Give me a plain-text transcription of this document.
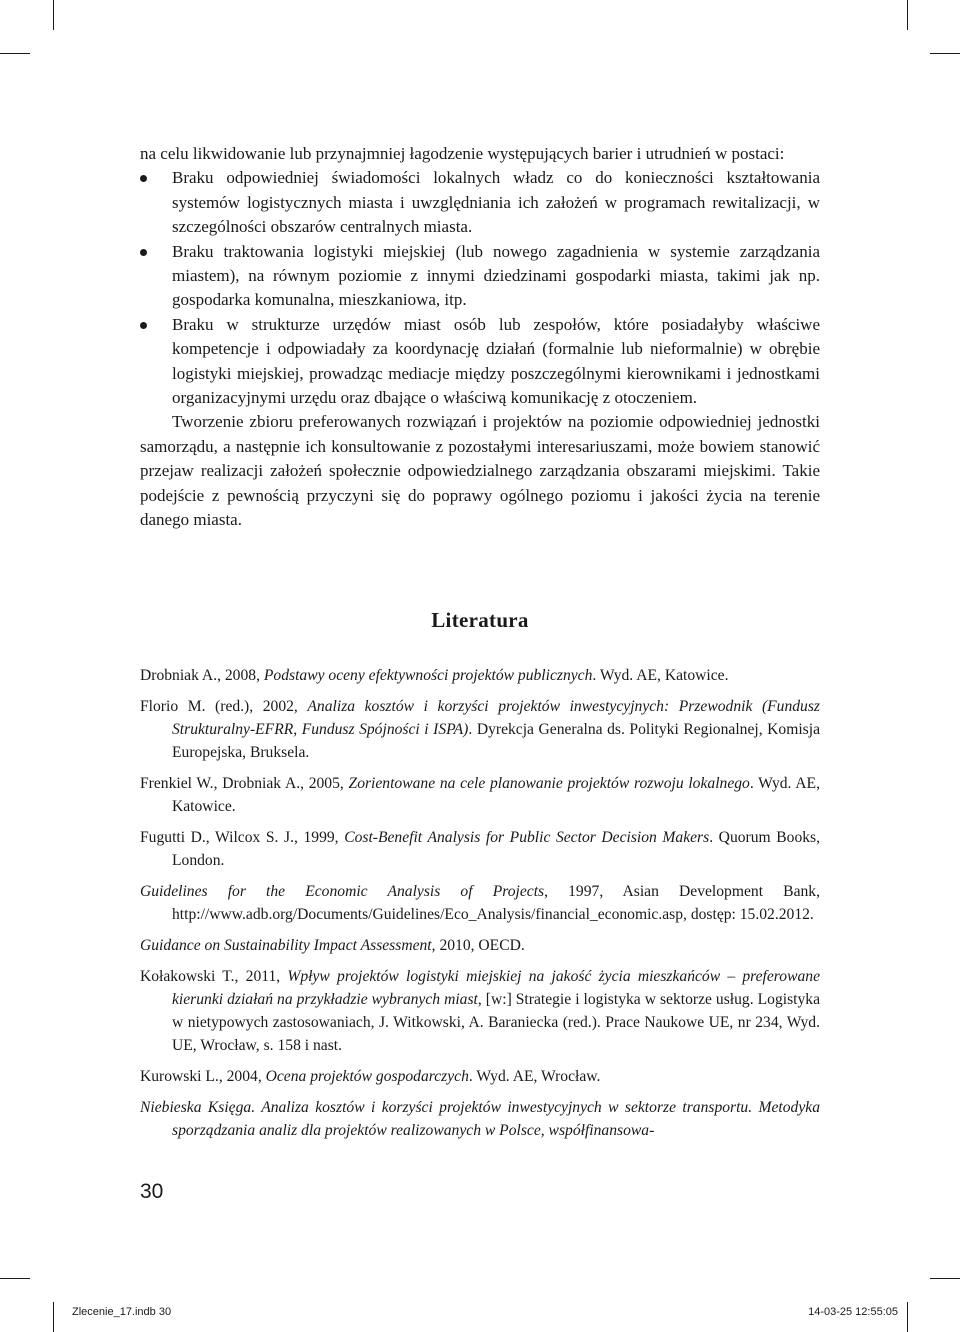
na celu likwidowanie lub przynajmniej łagodzenie występujących barier i utrudnień w postaci:

Braku odpowiedniej świadomości lokalnych władz co do konieczności kształtowania systemów logistycznych miasta i uwzględniania ich założeń w programach rewitalizacji, w szczególności obszarów centralnych miasta.
Braku traktowania logistyki miejskiej (lub nowego zagadnienia w systemie zarządzania miastem), na równym poziomie z innymi dziedzinami gospodarki miasta, takimi jak np. gospodarka komunalna, mieszkaniowa, itp.
Braku w strukturze urzędów miast osób lub zespołów, które posiadałyby właściwe kompetencje i odpowiadały za koordynację działań (formalnie lub nieformalnie) w obrębie logistyki miejskiej, prowadząc mediacje między poszczególnymi kierownikami i jednostkami organizacyjnymi urzędu oraz dbające o właściwą komunikację z otoczeniem.

Tworzenie zbioru preferowanych rozwiązań i projektów na poziomie odpowiedniej jednostki samorządu, a następnie ich konsultowanie z pozostałymi interesariuszami, może bowiem stanowić przejaw realizacji założeń społecznie odpowiedzialnego zarządzania obszarami miejskimi. Takie podejście z pewnością przyczyni się do poprawy ogólnego poziomu i jakości życia na terenie danego miasta.

Literatura

Drobniak A., 2008, Podstawy oceny efektywności projektów publicznych. Wyd. AE, Katowice.

Florio M. (red.), 2002, Analiza kosztów i korzyści projektów inwestycyjnych: Przewodnik (Fundusz Strukturalny-EFRR, Fundusz Spójności i ISPA). Dyrekcja Generalna ds. Polityki Regionalnej, Komisja Europejska, Bruksela.

Frenkiel W., Drobniak A., 2005, Zorientowane na cele planowanie projektów rozwoju lokalnego. Wyd. AE, Katowice.

Fugutti D., Wilcox S. J., 1999, Cost-Benefit Analysis for Public Sector Decision Makers. Quorum Books, London.

Guidelines for the Economic Analysis of Projects, 1997, Asian Development Bank, http://www.adb.org/Documents/Guidelines/Eco_Analysis/financial_economic.asp, dostęp: 15.02.2012.

Guidance on Sustainability Impact Assessment, 2010, OECD.

Kołakowski T., 2011, Wpływ projektów logistyki miejskiej na jakość życia mieszkańców – preferowane kierunki działań na przykładzie wybranych miast, [w:] Strategie i logistyka w sektorze usług. Logistyka w nietypowych zastosowaniach, J. Witkowski, A. Baraniecka (red.). Prace Naukowe UE, nr 234, Wyd. UE, Wrocław, s. 158 i nast.

Kurowski L., 2004, Ocena projektów gospodarczych. Wyd. AE, Wrocław.

Niebieska Księga. Analiza kosztów i korzyści projektów inwestycyjnych w sektorze transportu. Metodyka sporządzania analiz dla projektów realizowanych w Polsce, współfinansowa-

30
Zlecenie_17.indb 30	14-03-25 12:55:05
